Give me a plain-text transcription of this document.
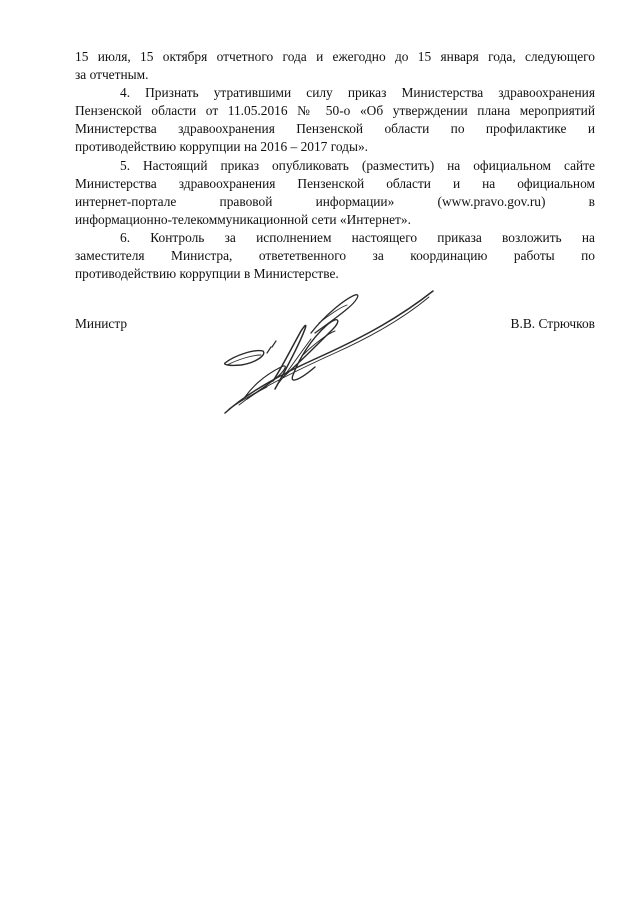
15 июля, 15 октября отчетного года и ежегодно до 15 января года, следующего
за отчетным.

4. Признать утратившими силу приказ Министерства здравоохранения
Пензенской области от 11.05.2016 № 50-о «Об утверждении плана мероприятий
Министерства здравоохранения Пензенской области по профилактике и
противодействию коррупции на 2016 – 2017 годы».

5. Настоящий приказ опубликовать (разместить) на официальном сайте
Министерства здравоохранения Пензенской области и на официальном
интернет-портале правовой информации» (www.pravo.gov.ru) в
информационно-телекоммуникационной сети «Интернет».

6. Контроль за исполнением настоящего приказа возложить на
заместителя Министра, ответетвенного за координацию работы по
противодействию коррупции в Министерстве.

Министр	В.В. Стрючков
